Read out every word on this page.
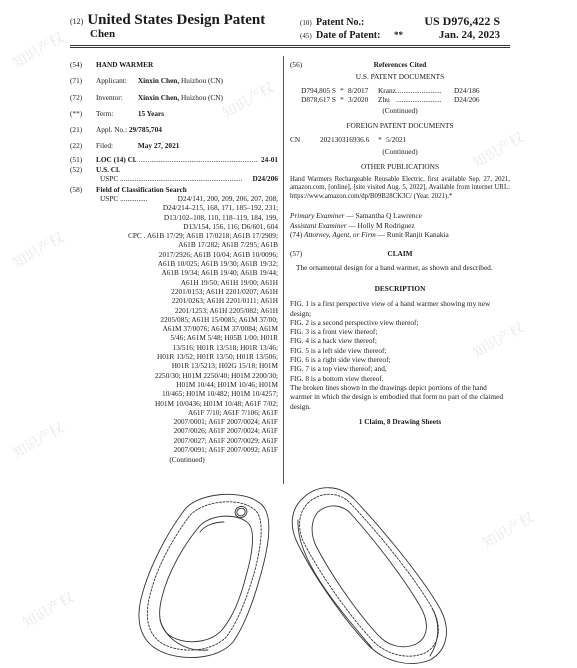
知识产权
知识产权
知识产权
知识产权
知识产权
知识产权
知识产权
知识产权
(12) United States Design Patent
Chen
(10) Patent No.:	US D976,422 S
(45) Date of Patent:	**	Jan. 24, 2023
(54)	HAND WARMER
(71)	Applicant: Xinxin Chen, Huizhou (CN)
(72)	Inventor: Xinxin Chen, Huizhou (CN)
(**)	Term:	15 Years
(21)	Appl. No.: 29/785,704
(22)	Filed:	May 27, 2021
(51)	LOC (14) Cl. ................................................................. 24-01
(52)	U.S. Cl.
USPC ...................................................................	D24/206
(58)	Field of Classification Search
USPC ...............	D24/141, 200, 209, 206, 207, 208,
D24/214–215, 168, 171, 185–192, 231;
D13/102–108, 110, 118–119, 184, 199,
D13/154, 156, 116; D6/601, 604
CPC . A61B 17/29; A61B 17/0218; A61B 17/2909;
A61B 17/282; A61B 7/295; A61B
2017/2926; A61B 10/04; A61B 10/0096;
A61B 10/025; A61B 19/30; A61B 19/32;
A61B 19/34; A61B 19/40; A61B 19/44;
A61H 19/50; A61H 19/00; A61H
2201/0153; A61H 2201/0207; A61H
2201/0263; A61H 2201/0111; A61H
2201/1253; A61H 2205/082; A61H
2205/085; A61H 15/0085; A61M 37/00;
A61M 37/0076; A61M 37/0084; A61M
5/46; A61M 5/48; H05B 1/00; H01R
13/516; H01R 13/518; H01R 13/46;
H01R 13/52; H01R 13/50; H01R 13/506;
H01R 13/5213; H02G 15/18; H01M
2250/30; H01M 2250/40; H01M 2200/30;
H01M 10/44; H01M 10/46; H01M
10/465; H01M 10/482; H01M 10/4257;
H01M 10/0436; H01M 10/48; A61F 7/02;
A61F 7/10; A61F 7/106; A61F
2007/0001; A61F 2007/0024; A61F
2007/0026; A61F 2007/0024; A61F
2007/0027; A61F 2007/0029; A61F
2007/0091; A61F 2007/0092; A61F
(Continued)
(56)	References Cited
U.S. PATENT DOCUMENTS
D794,805 S * 8/2017	Kranz .........................	D24/186
D878,617 S * 3/2020	Zhu .........................	D24/206
(Continued)
FOREIGN PATENT DOCUMENTS
CN	202130316936.6	* 5/2021
(Continued)
OTHER PUBLICATIONS
Hand Warmers Rechargeable Reusable Electric, first available Sep. 27, 2021, amazon.com, [online], [site visited Aug. 5, 2022], Available from internet URL: https://www.amazon.com/dp/B09B28CK3C/ (Year. 2021).*
Primary Examiner — Samantha Q Lawrence
Assistant Examiner — Holly M Rodriguez
(74) Attorney, Agent, or Firm — Runit Ranjit Kanakia
(57)	CLAIM
The ornamental design for a hand warmer, as shown and described.
DESCRIPTION
FIG. 1 is a first perspective view of a hand warmer showing my new design;
FIG. 2 is a second perspective view thereof;
FIG. 3 is a front view thereof;
FIG. 4 is a back view thereof;
FIG. 5 is a left side view thereof;
FIG. 6 is a right side view thereof;
FIG. 7 is a top view thereof; and,
FIG. 8 is a bottom view thereof.
The broken lines shown in the drawings depict portions of the hand warmer in which the design is embodied that form no part of the claimed design.
1 Claim, 8 Drawing Sheets
